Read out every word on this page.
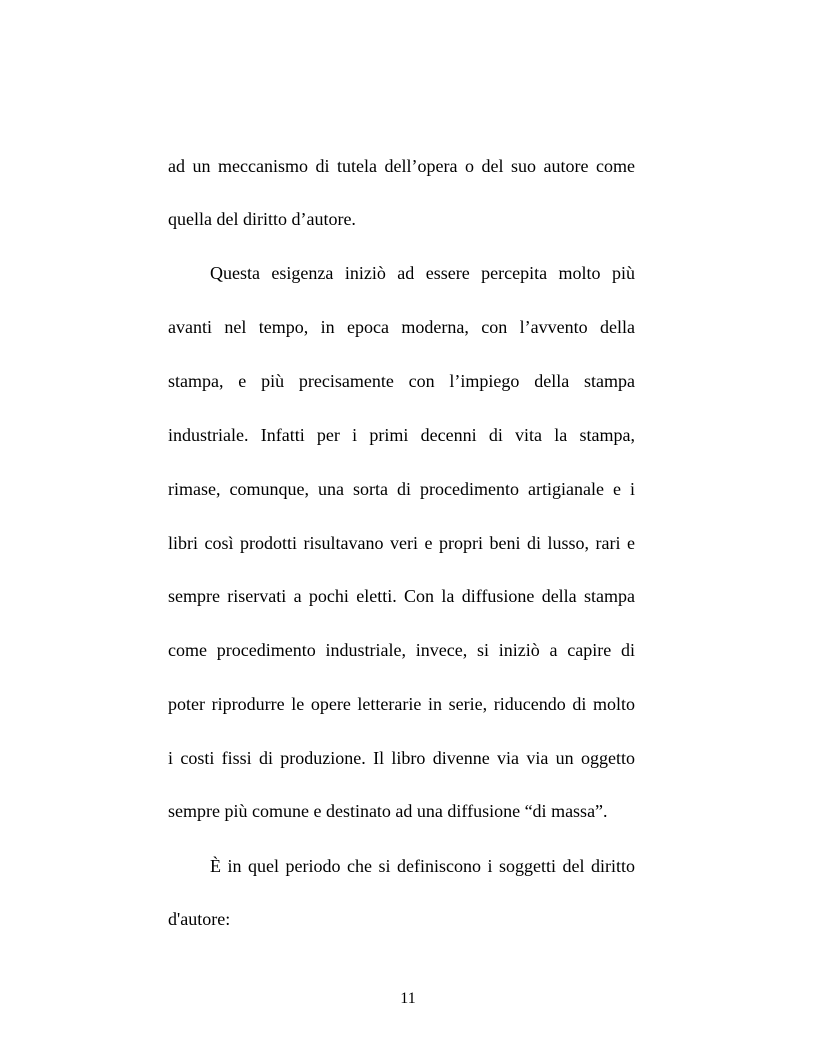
ad un meccanismo di tutela dell’opera o del suo autore come
quella del diritto d’autore.
Questa esigenza iniziò ad essere percepita molto più
avanti nel tempo, in epoca moderna, con l’avvento della
stampa, e più precisamente con l’impiego della stampa
industriale. Infatti per i primi decenni di vita la stampa,
rimase, comunque, una sorta di procedimento artigianale e i
libri così prodotti risultavano veri e propri beni di lusso, rari e
sempre riservati a pochi eletti. Con la diffusione della stampa
come procedimento industriale, invece, si iniziò a capire di
poter riprodurre le opere letterarie in serie, riducendo di molto
i costi fissi di produzione. Il libro divenne via via un oggetto
sempre più comune e destinato ad una diffusione “di massa”.
È in quel periodo che si definiscono i soggetti del diritto
d'autore:
11
